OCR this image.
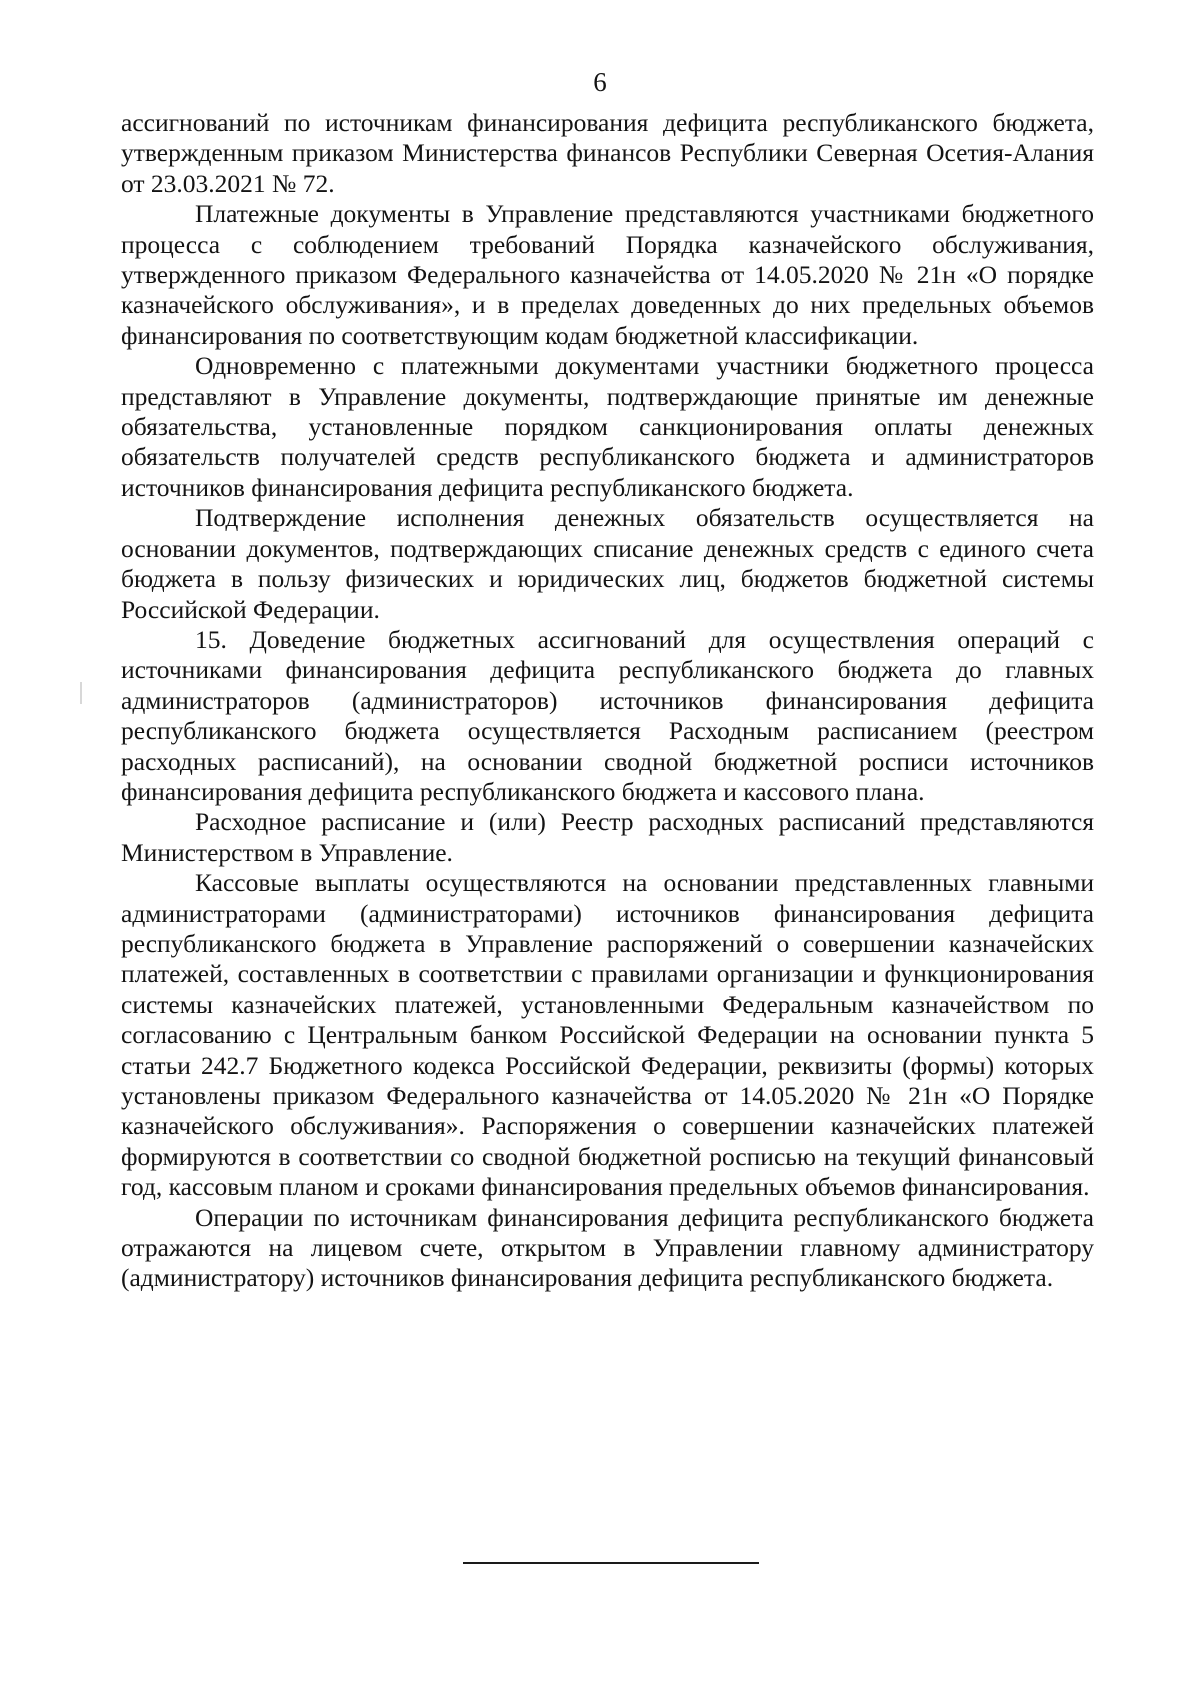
6

ассигнований по источникам финансирования дефицита республиканского бюджета, утвержденным приказом Министерства финансов Республики Северная Осетия-Алания от 23.03.2021 № 72.

Платежные документы в Управление представляются участниками бюджетного процесса с соблюдением требований Порядка казначейского обслуживания, утвержденного приказом Федерального казначейства от 14.05.2020 № 21н «О порядке казначейского обслуживания», и в пределах доведенных до них предельных объемов финансирования по соответствующим кодам бюджетной классификации.

Одновременно с платежными документами участники бюджетного процесса представляют в Управление документы, подтверждающие принятые им денежные обязательства, установленные порядком санкционирования оплаты денежных обязательств получателей средств республиканского бюджета и администраторов источников финансирования дефицита республиканского бюджета.

Подтверждение исполнения денежных обязательств осуществляется на основании документов, подтверждающих списание денежных средств с единого счета бюджета в пользу физических и юридических лиц, бюджетов бюджетной системы Российской Федерации.

15. Доведение бюджетных ассигнований для осуществления операций с источниками финансирования дефицита республиканского бюджета до главных администраторов (администраторов) источников финансирования дефицита республиканского бюджета осуществляется Расходным расписанием (реестром расходных расписаний), на основании сводной бюджетной росписи источников финансирования дефицита республиканского бюджета и кассового плана.

Расходное расписание и (или) Реестр расходных расписаний представляются Министерством в Управление.

Кассовые выплаты осуществляются на основании представленных главными администраторами (администраторами) источников финансирования дефицита республиканского бюджета в Управление распоряжений о совершении казначейских платежей, составленных в соответствии с правилами организации и функционирования системы казначейских платежей, установленными Федеральным казначейством по согласованию с Центральным банком Российской Федерации на основании пункта 5 статьи 242.7 Бюджетного кодекса Российской Федерации, реквизиты (формы) которых установлены приказом Федерального казначейства от 14.05.2020 № 21н «О Порядке казначейского обслуживания». Распоряжения о совершении казначейских платежей формируются в соответствии со сводной бюджетной росписью на текущий финансовый год, кассовым планом и сроками финансирования предельных объемов финансирования.

Операции по источникам финансирования дефицита республиканского бюджета отражаются на лицевом счете, открытом в Управлении главному администратору (администратору) источников финансирования дефицита республиканского бюджета.
